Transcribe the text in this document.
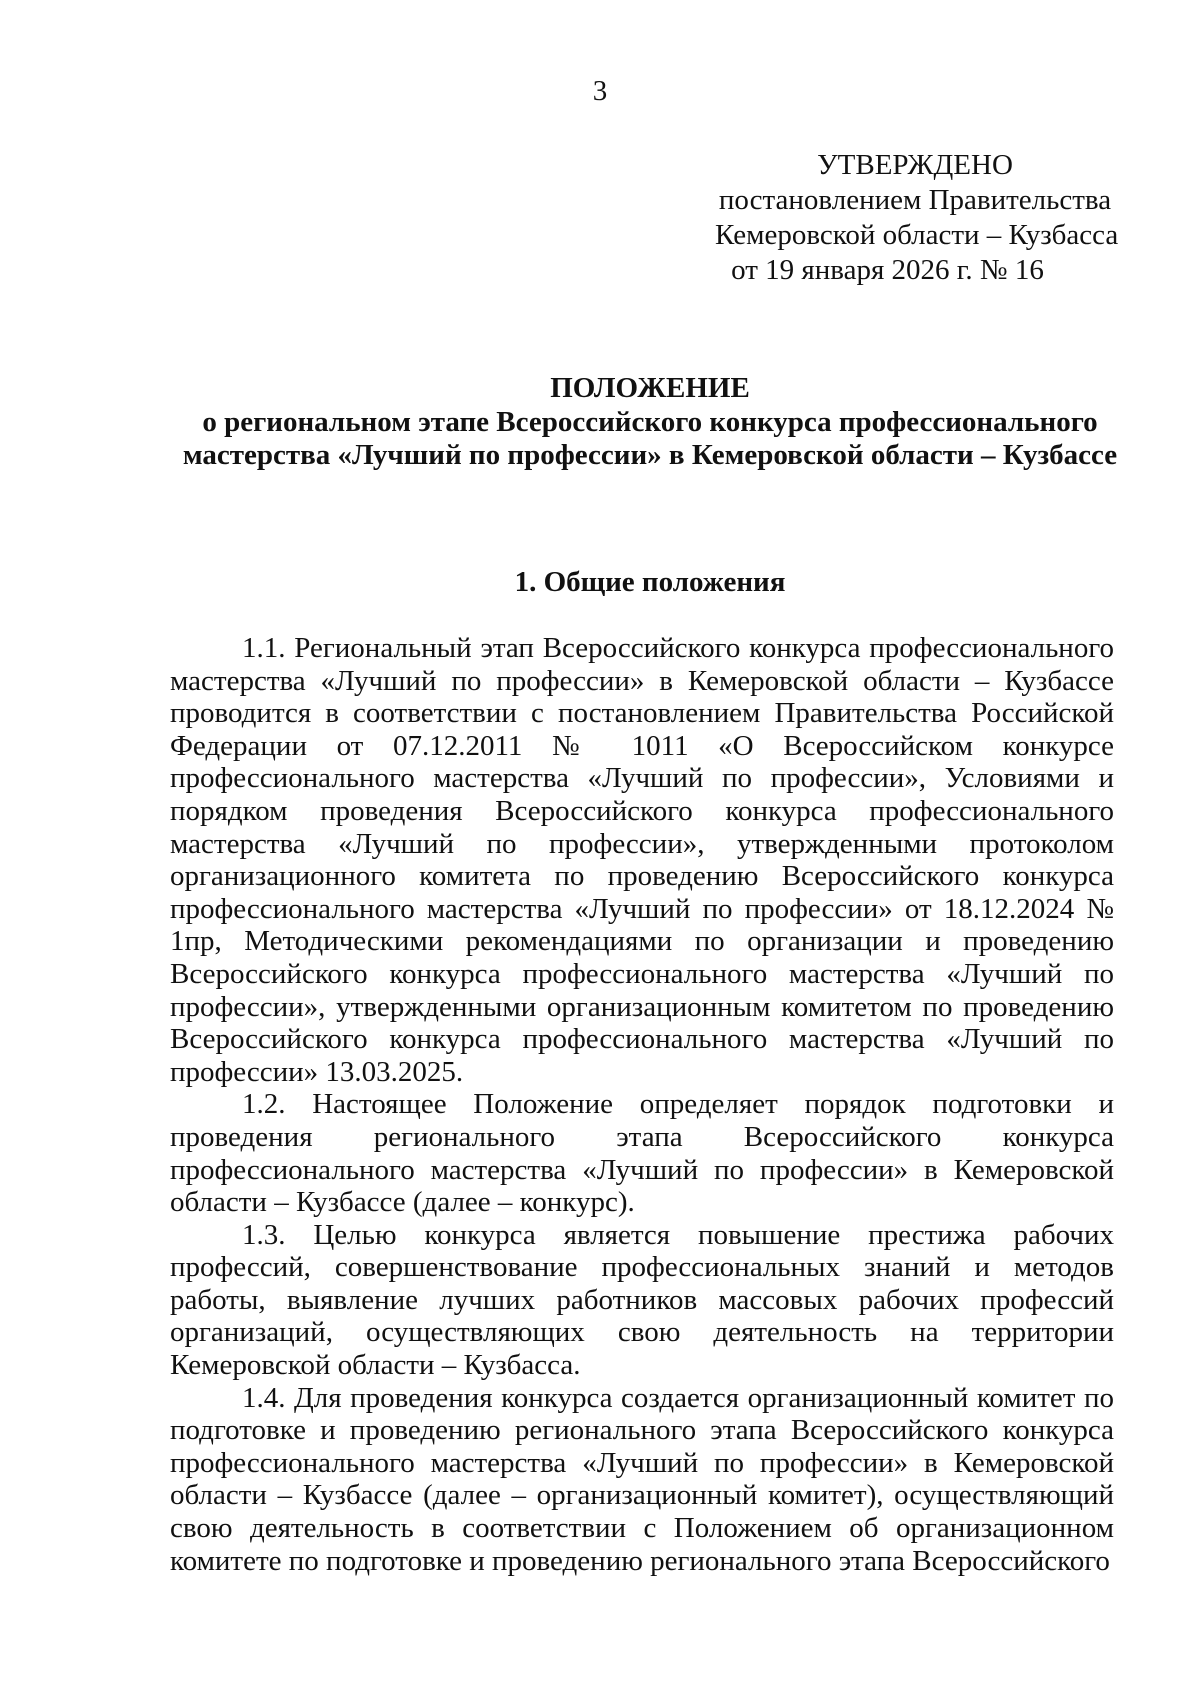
3
УТВЕРЖДЕНО
постановлением Правительства
Кемеровской области – Кузбасса
от 19 января 2026 г. № 16
ПОЛОЖЕНИЕ
о региональном этапе Всероссийского конкурса профессионального мастерства «Лучший по профессии» в Кемеровской области – Кузбассе
1. Общие положения

1.1. Региональный этап Всероссийского конкурса профессионального мастерства «Лучший по профессии» в Кемеровской области – Кузбассе проводится в соответствии с постановлением Правительства Российской Федерации от 07.12.2011 № 1011 «О Всероссийском конкурсе профессионального мастерства «Лучший по профессии», Условиями и порядком проведения Всероссийского конкурса профессионального мастерства «Лучший по профессии», утвержденными протоколом организационного комитета по проведению Всероссийского конкурса профессионального мастерства «Лучший по профессии» от 18.12.2024 № 1пр, Методическими рекомендациями по организации и проведению Всероссийского конкурса профессионального мастерства «Лучший по профессии», утвержденными организационным комитетом по проведению Всероссийского конкурса профессионального мастерства «Лучший по профессии» 13.03.2025.

1.2. Настоящее Положение определяет порядок подготовки и проведения регионального этапа Всероссийского конкурса профессионального мастерства «Лучший по профессии» в Кемеровской области – Кузбассе (далее – конкурс).

1.3. Целью конкурса является повышение престижа рабочих профессий, совершенствование профессиональных знаний и методов работы, выявление лучших работников массовых рабочих профессий организаций, осуществляющих свою деятельность на территории Кемеровской области – Кузбасса.

1.4. Для проведения конкурса создается организационный комитет по подготовке и проведению регионального этапа Всероссийского конкурса профессионального мастерства «Лучший по профессии» в Кемеровской области – Кузбассе (далее – организационный комитет), осуществляющий свою деятельность в соответствии с Положением об организационном комитете по подготовке и проведению регионального этапа Всероссийского
